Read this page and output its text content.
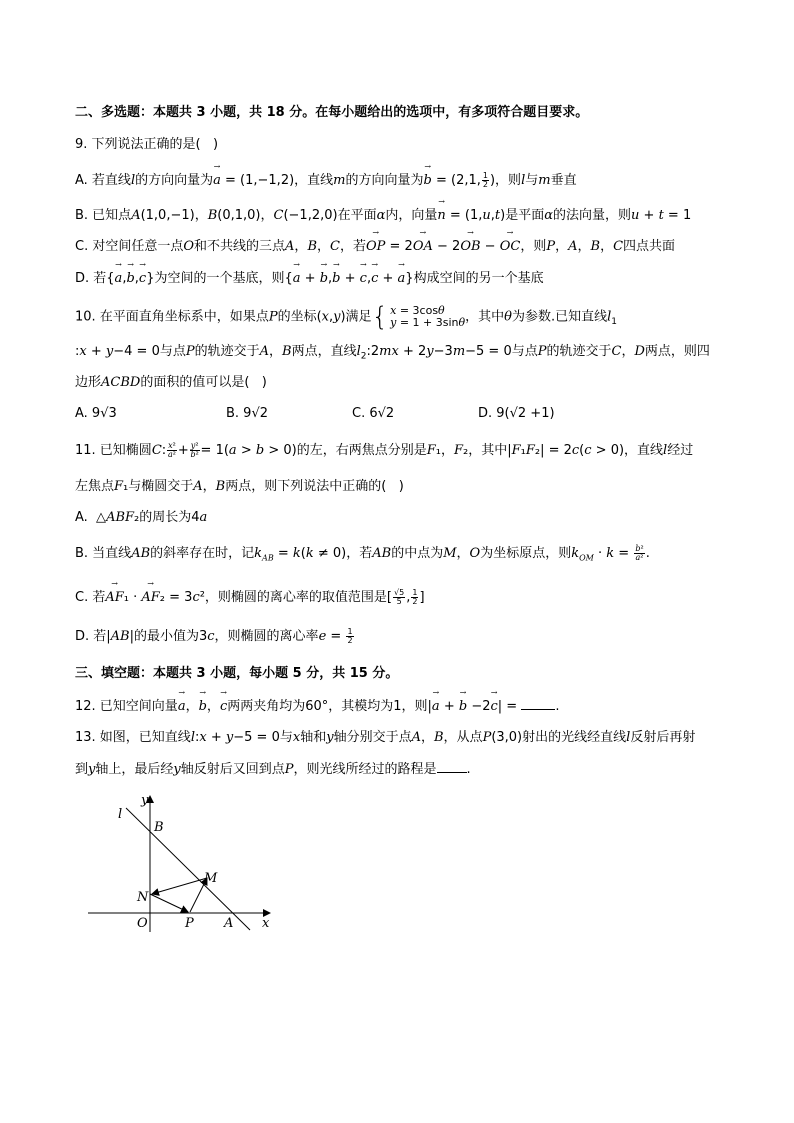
二、多选题：本题共 3 小题，共 18 分。在每小题给出的选项中，有多项符合题目要求。
9. 下列说法正确的是(   )
A. 若直线l的方向向量为→ a = (1,−1,2)，直线m的方向向量为→ b = (2,1, $\frac{1}{2}$ )，则l与m垂直
B. 已知点A(1,0,−1)，B(0,1,0)，C(−1,2,0)在平面α内，向量→ n = (1,u,t)是平面α的法向量，则u + t = 1
C. 对空间任意一点O和不共线的三点A，B，C，若→ OP = 2→ OA − 2→ OB − → OC，则P，A，B，C四点共面
D. 若{→ a,→ b,→ c}为空间的一个基底，则{→ a + → b,→ b + → c,→ c + → a}构成空间的另一个基底
10. 在平面直角坐标系中，如果点P的坐标(x,y)满足{ x = 3cosθ
y = 1 + 3sinθ，其中θ为参数.已知直线$l_1$
:x + y−4 = 0与点P的轨迹交于A，B两点，直线$l_2:2mx + 2y-3m-5 = 0$与点P的轨迹交于C，D两点，则四
边形ACBD的面积的值可以是(   )
A. 9√3	B. 9√2	C. 6√2	D. 9(√2 +1)
11. 已知椭圆C: $\frac{\text{x²}}{\text{a²}} + \frac{\text{y²}}{\text{b²}} = 1(a > b > 0)$的左，右两焦点分别是F₁，F₂，其中|F₁F₂| = 2c(c > 0)，直线l经过
左焦点F₁与椭圆交于A，B两点，则下列说法中正确的(   )
A.  △ABF₂的周长为4a
B. 当直线AB的斜率存在时，记$k_{AB} = k(k \ne 0)$，若AB的中点为M，O为坐标原点，则$k_{OM} \cdot k = \frac{\text{b²}}{\text{a²}}$ .
C. 若→ AF₁ · → AF₂ = 3c²，则椭圆的离心率的取值范围是[ $\frac{√5}{5}$ , $\frac{1}{2}$ ]
D. 若|AB|的最小值为3c，则椭圆的离心率$e = \frac{1}{2}$
三、填空题：本题共 3 小题，每小题 5 分，共 15 分。
12. 已知空间向量→ a，→ b，→ c两两夹角均为60°，其模均为1，则|→ a + → b −2→ c| =	.
13. 如图，已知直线l:x + y−5 = 0与x轴和y轴分别交于点A，B，从点P(3,0)射出的光线经直线l反射后再射
到y轴上，最后经y轴反射后又回到点P，则光线所经过的路程是 .
y
l
B
M
N
O	P A x
